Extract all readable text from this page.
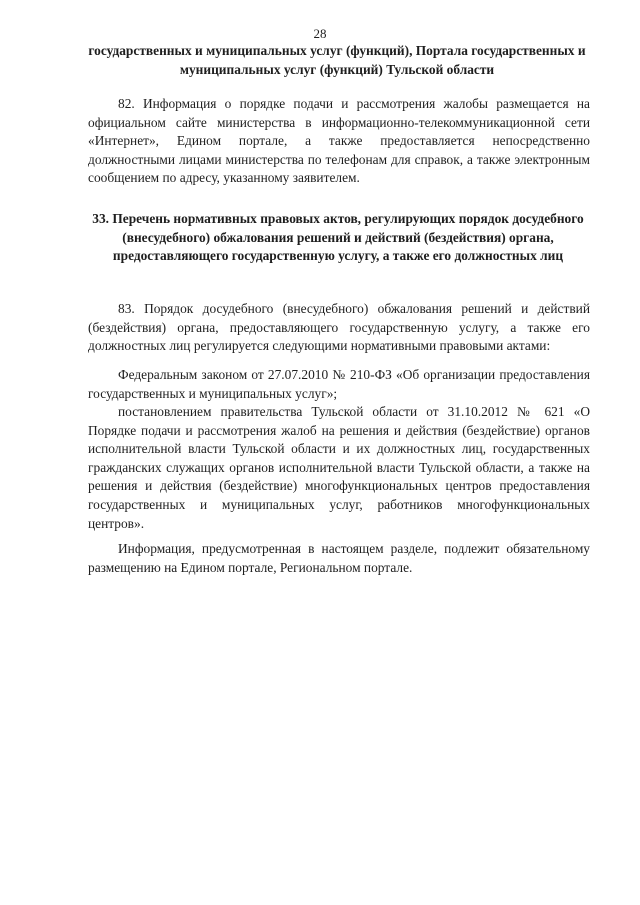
28

государственных и муниципальных услуг (функций), Портала государственных и муниципальных услуг (функций) Тульской области

82. Информация о порядке подачи и рассмотрения жалобы размещается на официальном сайте министерства в информационно-телекоммуникационной сети «Интернет», Едином портале, а также предоставляется непосредственно должностными лицами министерства по телефонам для справок, а также электронным сообщением по адресу, указанному заявителем.

33. Перечень нормативных правовых актов, регулирующих порядок досудебного (внесудебного) обжалования решений и действий (бездействия) органа, предоставляющего государственную услугу, а также его должностных лиц

83. Порядок досудебного (внесудебного) обжалования решений и действий (бездействия) органа, предоставляющего государственную услугу, а также его должностных лиц регулируется следующими нормативными правовыми актами:

Федеральным законом от 27.07.2010 № 210-ФЗ «Об организации предоставления государственных и муниципальных услуг»;

постановлением правительства Тульской области от 31.10.2012 № 621 «О Порядке подачи и рассмотрения жалоб на решения и действия (бездействие) органов исполнительной власти Тульской области и их должностных лиц, государственных гражданских служащих органов исполнительной власти Тульской области, а также на решения и действия (бездействие) многофункциональных центров предоставления государственных и муниципальных услуг, работников многофункциональных центров».

Информация, предусмотренная в настоящем разделе, подлежит обязательному размещению на Едином портале, Региональном портале.
